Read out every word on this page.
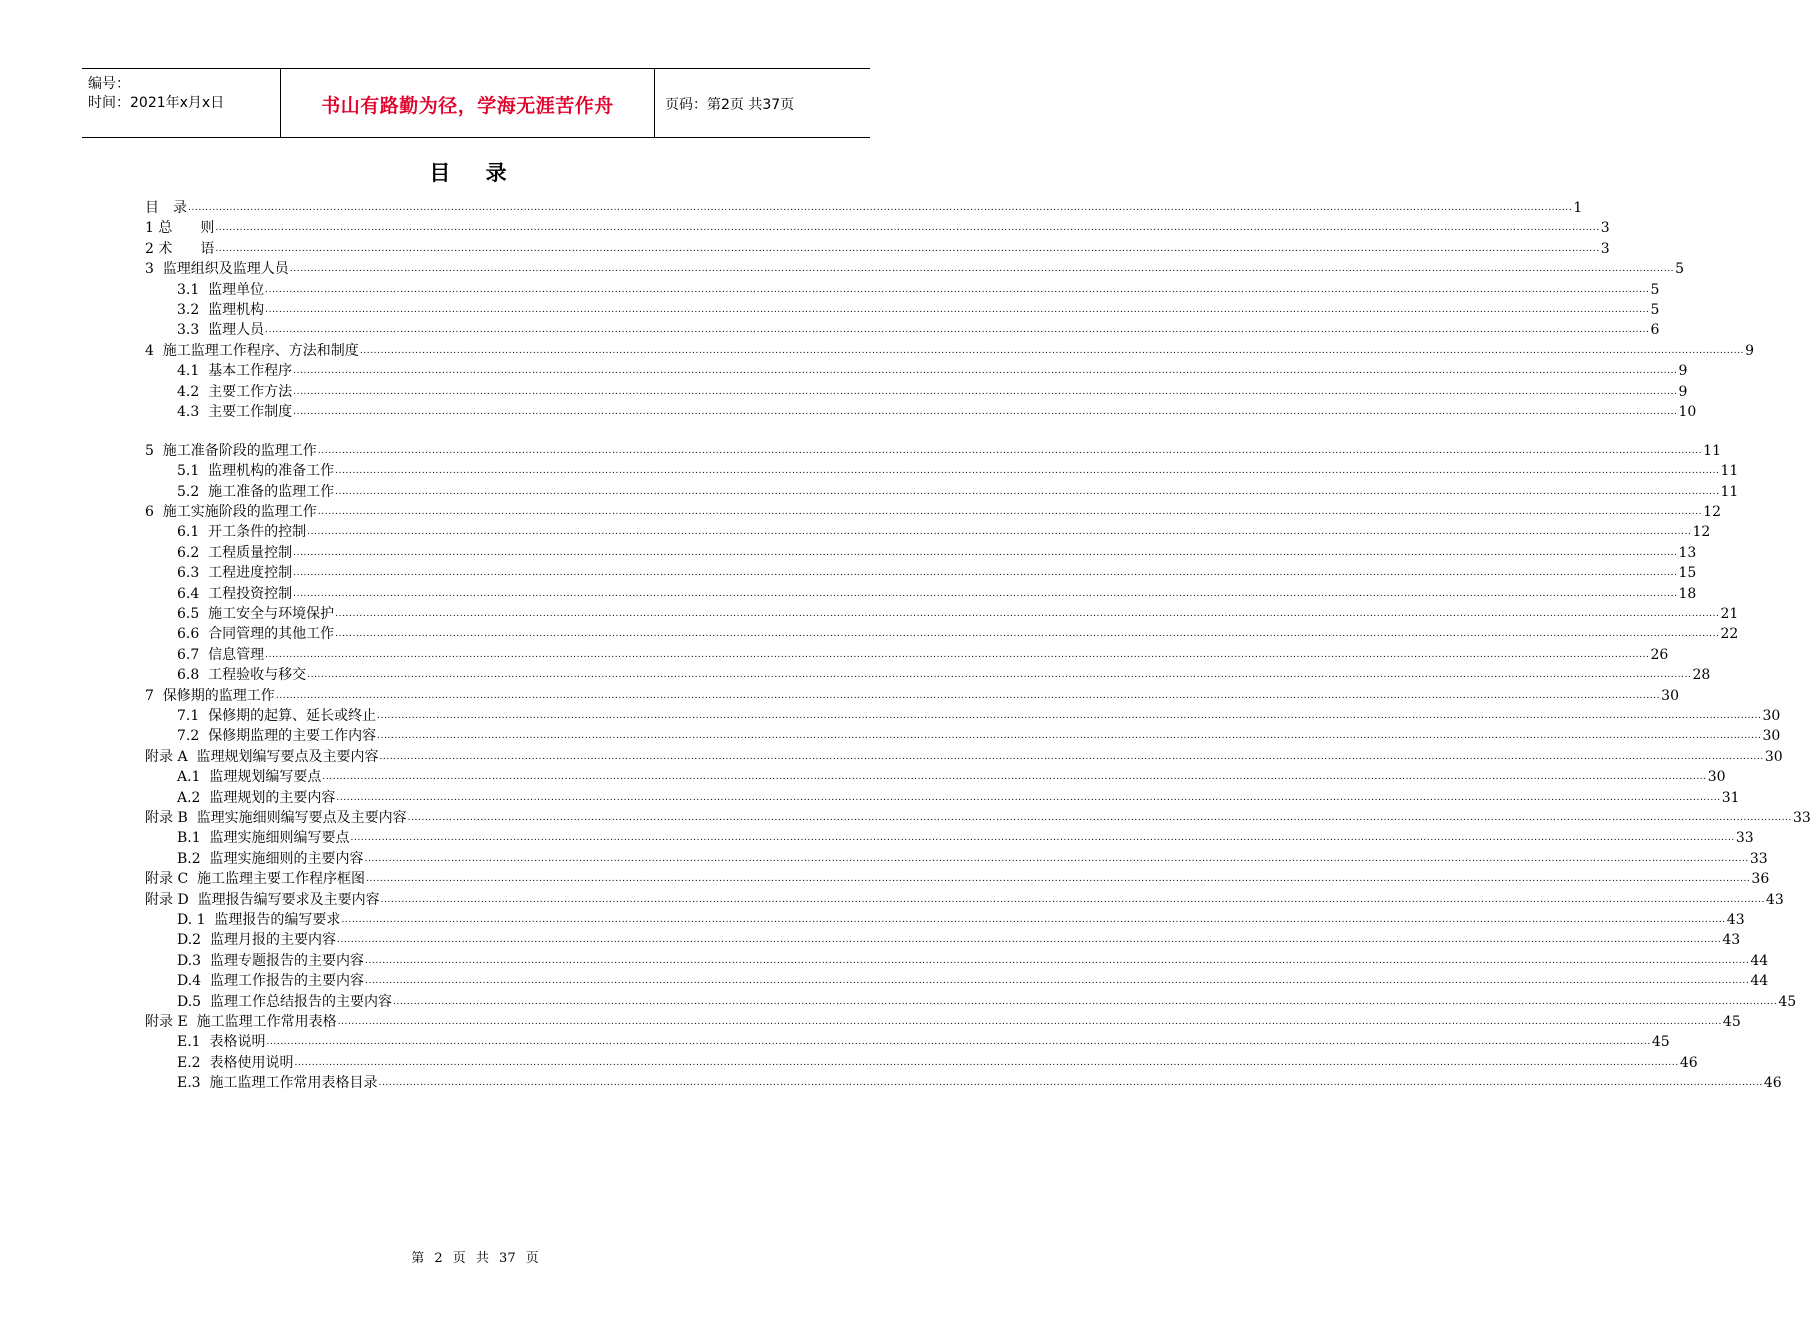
编号：
时间：2021年x月x日	书山有路勤为径，学海无涯苦作舟	页码：第2页 共37页
目 录
目　录 ................................................................................................................................................................................................................................................................................................................................................................................................................ 1
1 总　　则 ................................................................................................................................................................................................................................................................................................................................................................................................................ 3
2 术　　语 ................................................................................................................................................................................................................................................................................................................................................................................................................ 3
3  监理组织及监理人员 ................................................................................................................................................................................................................................................................................................................................................................................................................ 5
3.1  监理单位 ................................................................................................................................................................................................................................................................................................................................................................................................................ 5
3.2  监理机构 ................................................................................................................................................................................................................................................................................................................................................................................................................ 5
3.3  监理人员 ................................................................................................................................................................................................................................................................................................................................................................................................................ 6
4  施工监理工作程序、方法和制度 ................................................................................................................................................................................................................................................................................................................................................................................................................ 9
4.1  基本工作程序 ................................................................................................................................................................................................................................................................................................................................................................................................................ 9
4.2  主要工作方法 ................................................................................................................................................................................................................................................................................................................................................................................................................ 9
4.3  主要工作制度 ................................................................................................................................................................................................................................................................................................................................................................................................................ 10
5  施工准备阶段的监理工作 ................................................................................................................................................................................................................................................................................................................................................................................................................ 11
5.1  监理机构的准备工作 ................................................................................................................................................................................................................................................................................................................................................................................................................ 11
5.2  施工准备的监理工作 ................................................................................................................................................................................................................................................................................................................................................................................................................ 11
6  施工实施阶段的监理工作 ................................................................................................................................................................................................................................................................................................................................................................................................................ 12
6.1  开工条件的控制 ................................................................................................................................................................................................................................................................................................................................................................................................................ 12
6.2  工程质量控制 ................................................................................................................................................................................................................................................................................................................................................................................................................ 13
6.3  工程进度控制 ................................................................................................................................................................................................................................................................................................................................................................................................................ 15
6.4  工程投资控制 ................................................................................................................................................................................................................................................................................................................................................................................................................ 18
6.5  施工安全与环境保护 ................................................................................................................................................................................................................................................................................................................................................................................................................ 21
6.6  合同管理的其他工作 ................................................................................................................................................................................................................................................................................................................................................................................................................ 22
6.7  信息管理 ................................................................................................................................................................................................................................................................................................................................................................................................................ 26
6.8  工程验收与移交 ................................................................................................................................................................................................................................................................................................................................................................................................................ 28
7  保修期的监理工作 ................................................................................................................................................................................................................................................................................................................................................................................................................ 30
7.1  保修期的起算、延长或终止 ................................................................................................................................................................................................................................................................................................................................................................................................................ 30
7.2  保修期监理的主要工作内容 ................................................................................................................................................................................................................................................................................................................................................................................................................ 30
附录 A  监理规划编写要点及主要内容 ................................................................................................................................................................................................................................................................................................................................................................................................................ 30
A.1  监理规划编写要点 ................................................................................................................................................................................................................................................................................................................................................................................................................ 30
A.2  监理规划的主要内容 ................................................................................................................................................................................................................................................................................................................................................................................................................ 31
附录 B  监理实施细则编写要点及主要内容 ................................................................................................................................................................................................................................................................................................................................................................................................................ 33
B.1  监理实施细则编写要点 ................................................................................................................................................................................................................................................................................................................................................................................................................ 33
B.2  监理实施细则的主要内容 ................................................................................................................................................................................................................................................................................................................................................................................................................ 33
附录 C  施工监理主要工作程序框图 ................................................................................................................................................................................................................................................................................................................................................................................................................ 36
附录 D  监理报告编写要求及主要内容 ................................................................................................................................................................................................................................................................................................................................................................................................................ 43
D. 1  监理报告的编写要求 ................................................................................................................................................................................................................................................................................................................................................................................................................ 43
D.2  监理月报的主要内容 ................................................................................................................................................................................................................................................................................................................................................................................................................ 43
D.3  监理专题报告的主要内容 ................................................................................................................................................................................................................................................................................................................................................................................................................ 44
D.4  监理工作报告的主要内容 ................................................................................................................................................................................................................................................................................................................................................................................................................ 44
D.5  监理工作总结报告的主要内容 ................................................................................................................................................................................................................................................................................................................................................................................................................ 45
附录 E  施工监理工作常用表格 ................................................................................................................................................................................................................................................................................................................................................................................................................ 45
E.1  表格说明 ................................................................................................................................................................................................................................................................................................................................................................................................................ 45
E.2  表格使用说明 ................................................................................................................................................................................................................................................................................................................................................................................................................ 46
E.3  施工监理工作常用表格目录 ................................................................................................................................................................................................................................................................................................................................................................................................................ 46
第 2 页 共 37 页
